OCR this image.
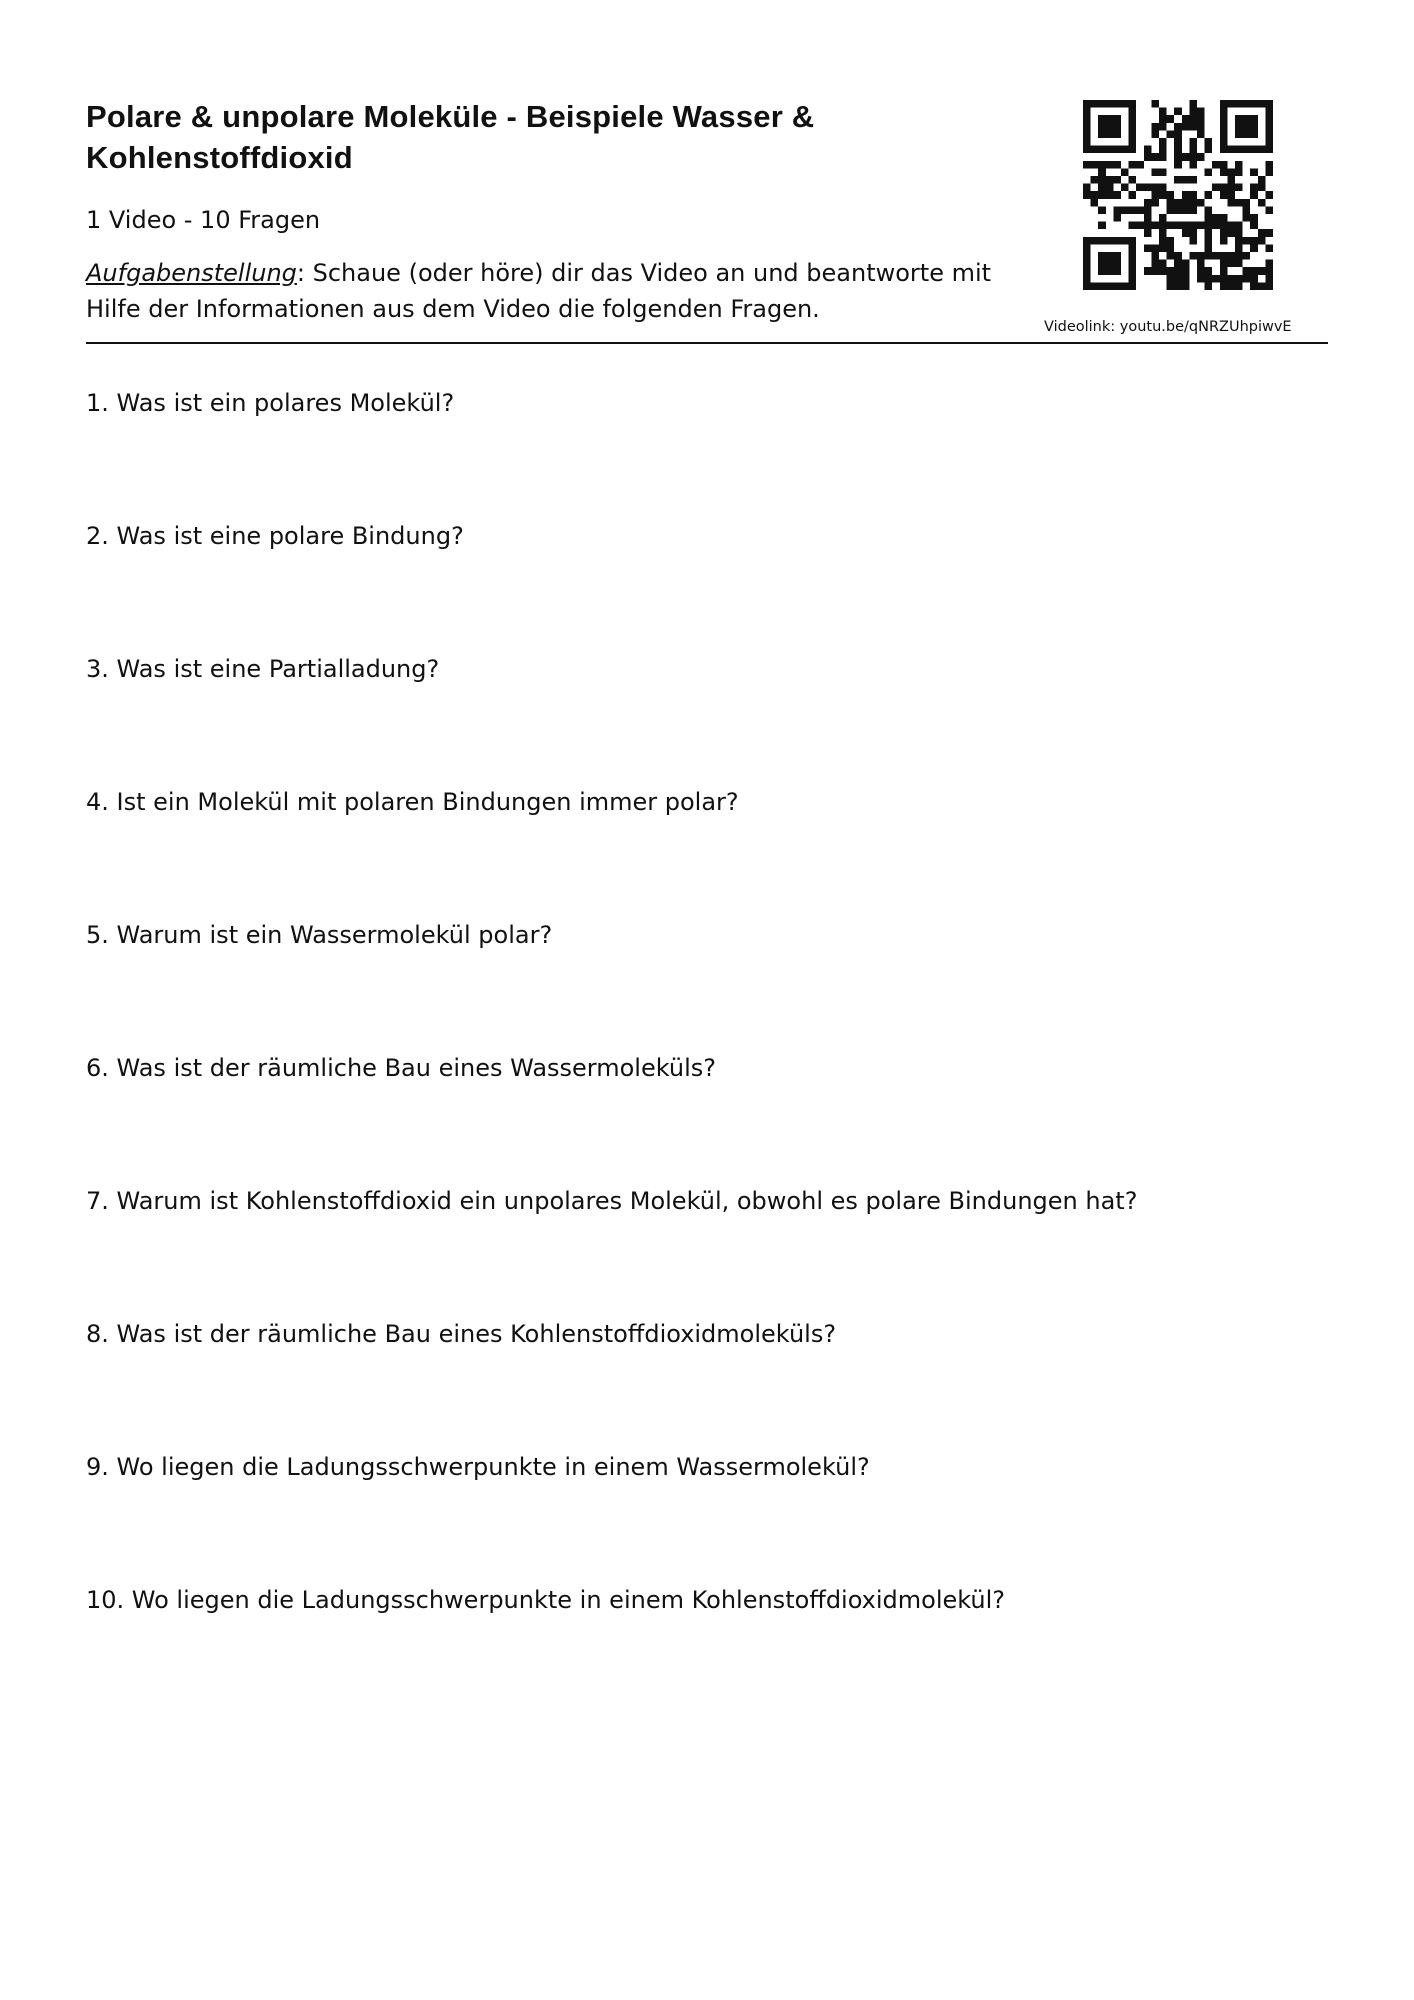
Polare & unpolare Moleküle - Beispiele Wasser & Kohlenstoffdioxid
1 Video - 10 Fragen
Aufgabenstellung: Schaue (oder höre) dir das Video an und beantworte mit Hilfe der Informationen aus dem Video die folgenden Fragen.
Videolink: youtu.be/qNRZUhpiwvE
1. Was ist ein polares Molekül?
2. Was ist eine polare Bindung?
3. Was ist eine Partialladung?
4. Ist ein Molekül mit polaren Bindungen immer polar?
5. Warum ist ein Wassermolekül polar?
6. Was ist der räumliche Bau eines Wassermoleküls?
7. Warum ist Kohlenstoffdioxid ein unpolares Molekül, obwohl es polare Bindungen hat?
8. Was ist der räumliche Bau eines Kohlenstoffdioxidmoleküls?
9. Wo liegen die Ladungsschwerpunkte in einem Wassermolekül?
10. Wo liegen die Ladungsschwerpunkte in einem Kohlenstoffdioxidmolekül?
